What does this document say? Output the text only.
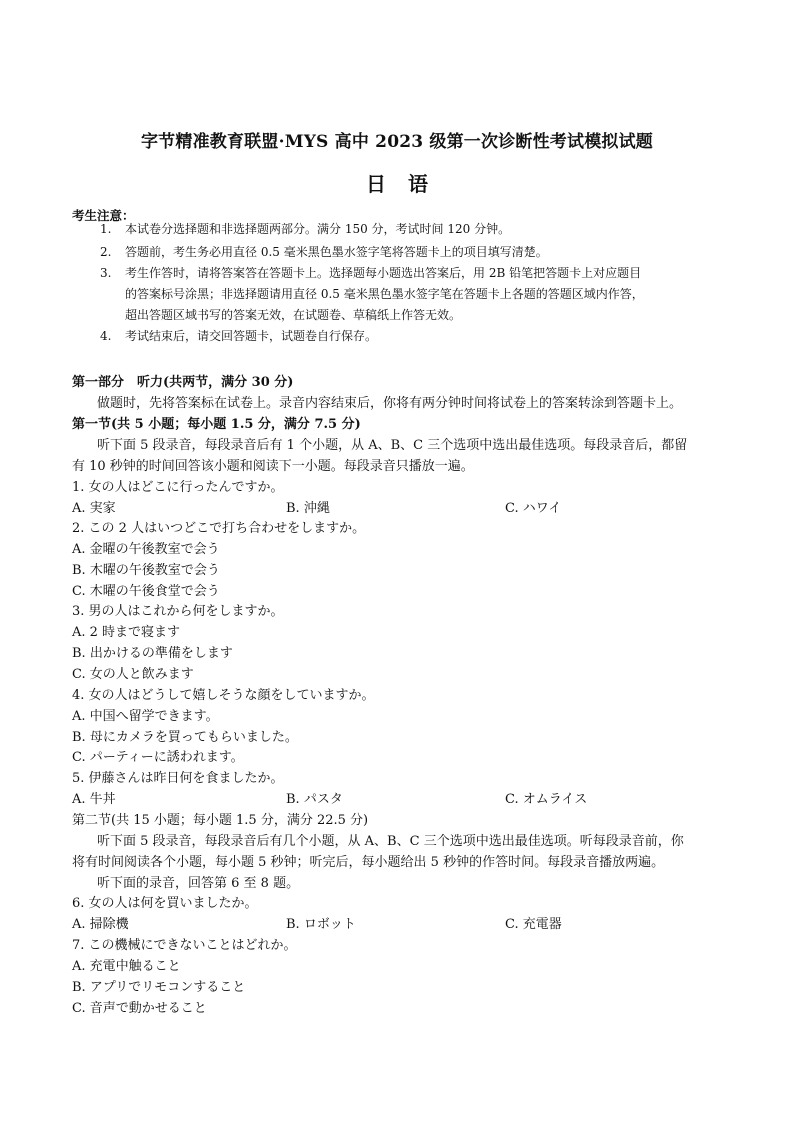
字节精准教育联盟·MYS 高中 2023 级第一次诊断性考试模拟试题
日语
考生注意：
1. 本试卷分选择题和非选择题两部分。满分 150 分，考试时间 120 分钟。
2. 答题前，考生务必用直径 0.5 毫米黑色墨水签字笔将答题卡上的项目填写清楚。
3. 考生作答时，请将答案答在答题卡上。选择题每小题选出答案后，用 2B 铅笔把答题卡上对应题目
的答案标号涂黑；非选择题请用直径 0.5 毫米黑色墨水签字笔在答题卡上各题的答题区域内作答，
超出答题区域书写的答案无效，在试题卷、草稿纸上作答无效。
4. 考试结束后，请交回答题卡，试题卷自行保存。
第一部分　听力(共两节，满分 30 分)
做题时，先将答案标在试卷上。录音内容结束后，你将有两分钟时间将试卷上的答案转涂到答题卡上。
第一节(共 5 小题；每小题 1.5 分，满分 7.5 分)
听下面 5 段录音，每段录音后有 1 个小题，从 A、B、C 三个选项中选出最佳选项。每段录音后，都留
有 10 秒钟的时间回答该小题和阅读下一小题。每段录音只播放一遍。
1. 女の人はどこに行ったんですか。
A. 実家	B. 沖縄	C. ハワイ
2. この 2 人はいつどこで打ち合わせをしますか。
A. 金曜の午後教室で会う
B. 木曜の午後教室で会う
C. 木曜の午後食堂で会う
3. 男の人はこれから何をしますか。
A. 2 時まで寝ます
B. 出かけるの準備をします
C. 女の人と飲みます
4. 女の人はどうして嬉しそうな顔をしていますか。
A. 中国へ留学できます。
B. 母にカメラを買ってもらいました。
C. パーティーに誘われます。
5. 伊藤さんは昨日何を食ましたか。
A. 牛丼	B. パスタ	C. オムライス
第二节(共 15 小题；每小题 1.5 分，满分 22.5 分)
听下面 5 段录音，每段录音后有几个小题，从 A、B、C 三个选项中选出最佳选项。听每段录音前，你
将有时间阅读各个小题，每小题 5 秒钟；听完后，每小题给出 5 秒钟的作答时间。每段录音播放两遍。
听下面的录音，回答第 6 至 8 题。
6. 女の人は何を買いましたか。
A. 掃除機	B. ロボット	C. 充電器
7. この機械にできないことはどれか。
A. 充電中触ること
B. アプリでリモコンすること
C. 音声で動かせること
